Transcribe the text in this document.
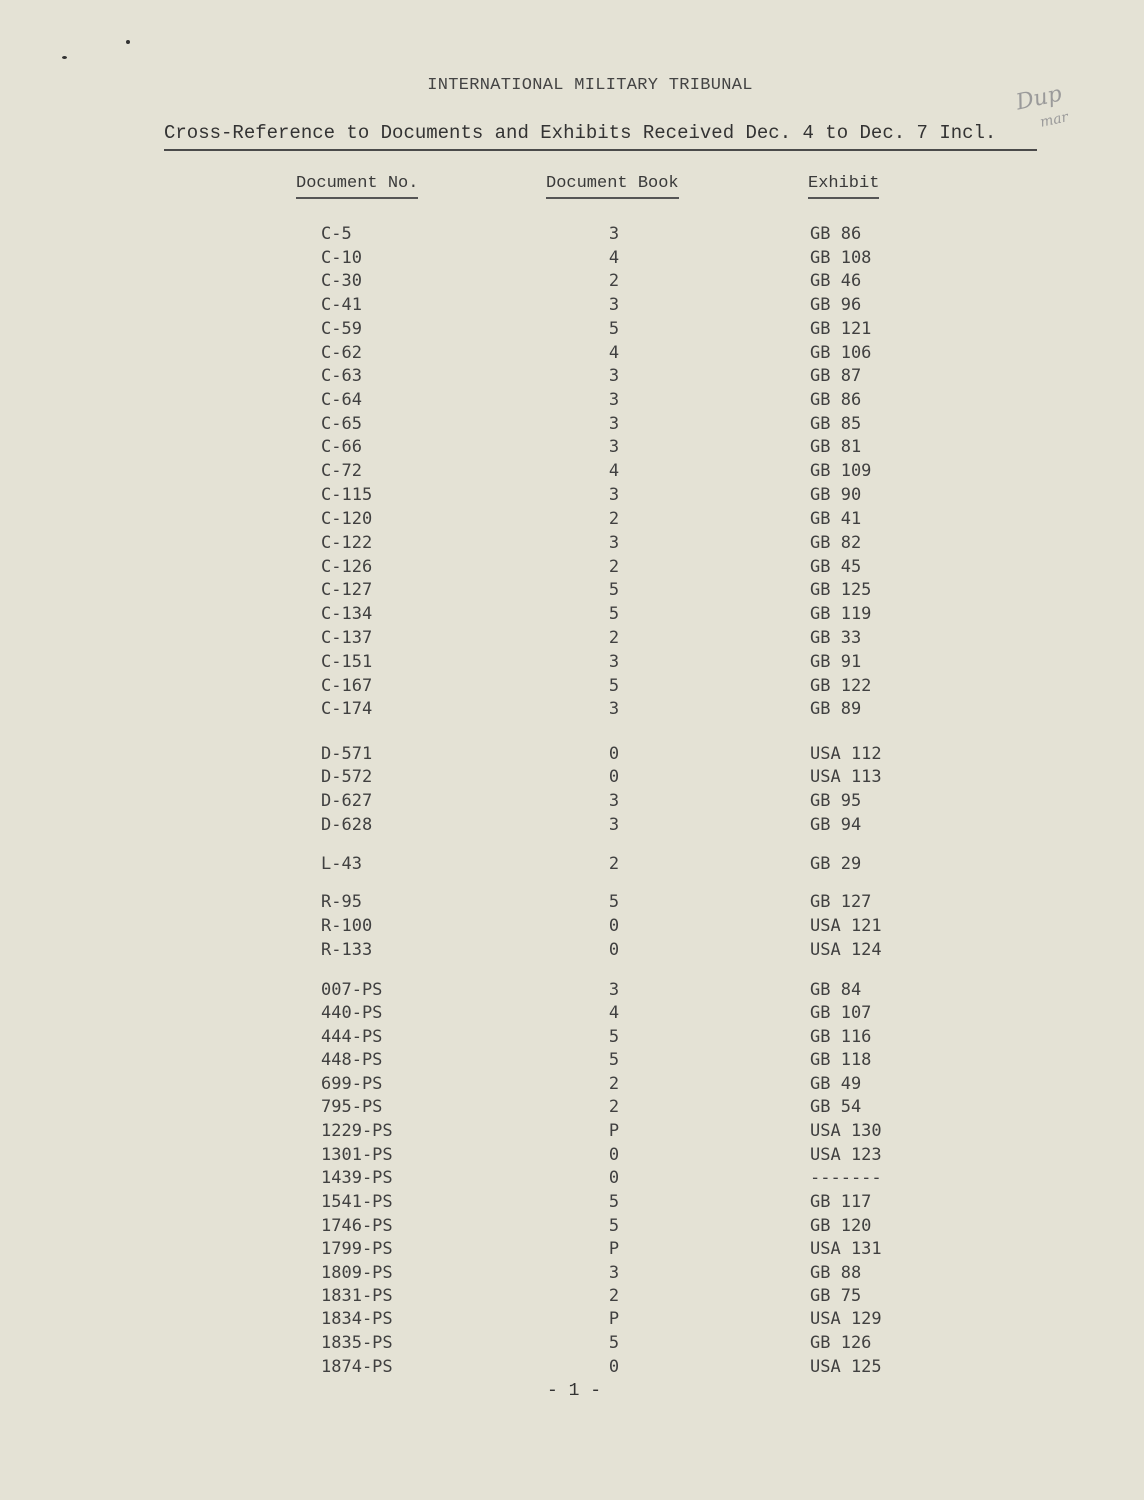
INTERNATIONAL MILITARY TRIBUNAL
Cross-Reference to Documents and Exhibits Received Dec. 4 to Dec. 7 Incl.
Dup
mar
Document No.	Document Book	Exhibit
C-5	3	GB 86
C-10	4	GB 108
C-30	2	GB 46
C-41	3	GB 96
C-59	5	GB 121
C-62	4	GB 106
C-63	3	GB 87
C-64	3	GB 86
C-65	3	GB 85
C-66	3	GB 81
C-72	4	GB 109
C-115	3	GB 90
C-120	2	GB 41
C-122	3	GB 82
C-126	2	GB 45
C-127	5	GB 125
C-134	5	GB 119
C-137	2	GB 33
C-151	3	GB 91
C-167	5	GB 122
C-174	3	GB 89
D-571	0	USA 112
D-572	0	USA 113
D-627	3	GB 95
D-628	3	GB 94
L-43	2	GB 29
R-95	5	GB 127
R-100	0	USA 121
R-133	0	USA 124
007-PS	3	GB 84
440-PS	4	GB 107
444-PS	5	GB 116
448-PS	5	GB 118
699-PS	2	GB 49
795-PS	2	GB 54
1229-PS	P	USA 130
1301-PS	0	USA 123
1439-PS	0	-------
1541-PS	5	GB 117
1746-PS	5	GB 120
1799-PS	P	USA 131
1809-PS	3	GB 88
1831-PS	2	GB 75
1834-PS	P	USA 129
1835-PS	5	GB 126
1874-PS	0	USA 125
- 1 -
